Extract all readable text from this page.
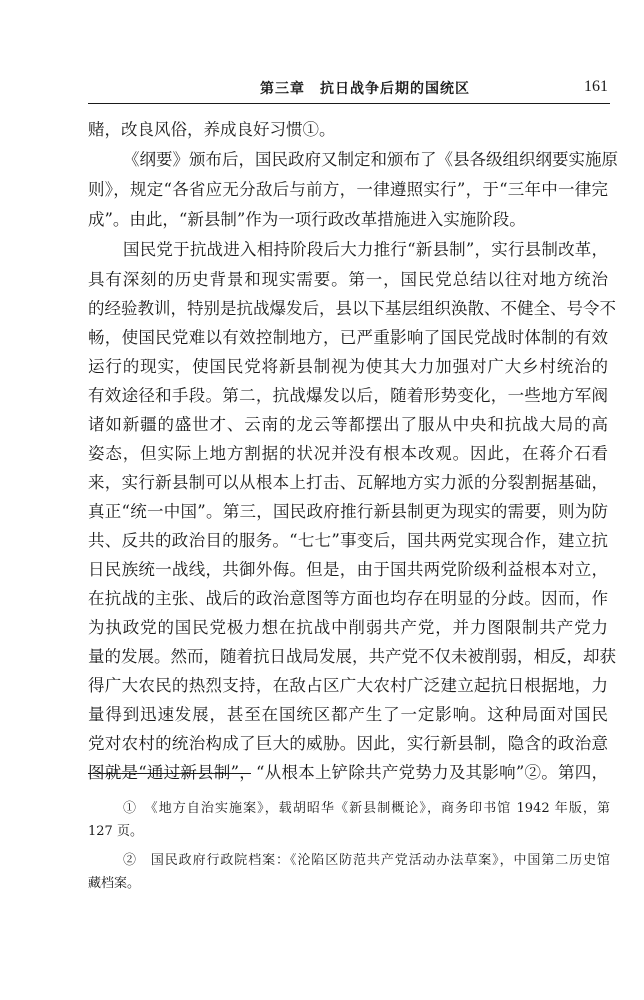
第三章　抗日战争后期的国统区	161
赌，改良风俗，养成良好习惯①。
《纲要》颁布后，国民政府又制定和颁布了《县各级组织纲要实施原
则》，规定“各省应无分敌后与前方，一律遵照实行”，于“三年中一律完
成”。由此，“新县制”作为一项行政改革措施进入实施阶段。
国民党于抗战进入相持阶段后大力推行“新县制”，实行县制改革，
具有深刻的历史背景和现实需要。第一，国民党总结以往对地方统治
的经验教训，特别是抗战爆发后，县以下基层组织涣散、不健全、号令不
畅，使国民党难以有效控制地方，已严重影响了国民党战时体制的有效
运行的现实，使国民党将新县制视为使其大力加强对广大乡村统治的
有效途径和手段。第二，抗战爆发以后，随着形势变化，一些地方军阀
诸如新疆的盛世才、云南的龙云等都摆出了服从中央和抗战大局的高
姿态，但实际上地方割据的状况并没有根本改观。因此，在蒋介石看
来，实行新县制可以从根本上打击、瓦解地方实力派的分裂割据基础，
真正“统一中国”。第三，国民政府推行新县制更为现实的需要，则为防
共、反共的政治目的服务。“七七”事变后，国共两党实现合作，建立抗
日民族统一战线，共御外侮。但是，由于国共两党阶级利益根本对立，
在抗战的主张、战后的政治意图等方面也均存在明显的分歧。因而，作
为执政党的国民党极力想在抗战中削弱共产党，并力图限制共产党力
量的发展。然而，随着抗日战局发展，共产党不仅未被削弱，相反，却获
得广大农民的热烈支持，在敌占区广大农村广泛建立起抗日根据地，力
量得到迅速发展，甚至在国统区都产生了一定影响。这种局面对国民
党对农村的统治构成了巨大的威胁。因此，实行新县制，隐含的政治意
图就是“通过新县制”，“从根本上铲除共产党势力及其影响”②。第四，
①　《地方自治实施案》，载胡昭华《新县制概论》，商务印书馆 1942 年版，第
127 页。
②　国民政府行政院档案：《沦陷区防范共产党活动办法草案》，中国第二历史馆
藏档案。
